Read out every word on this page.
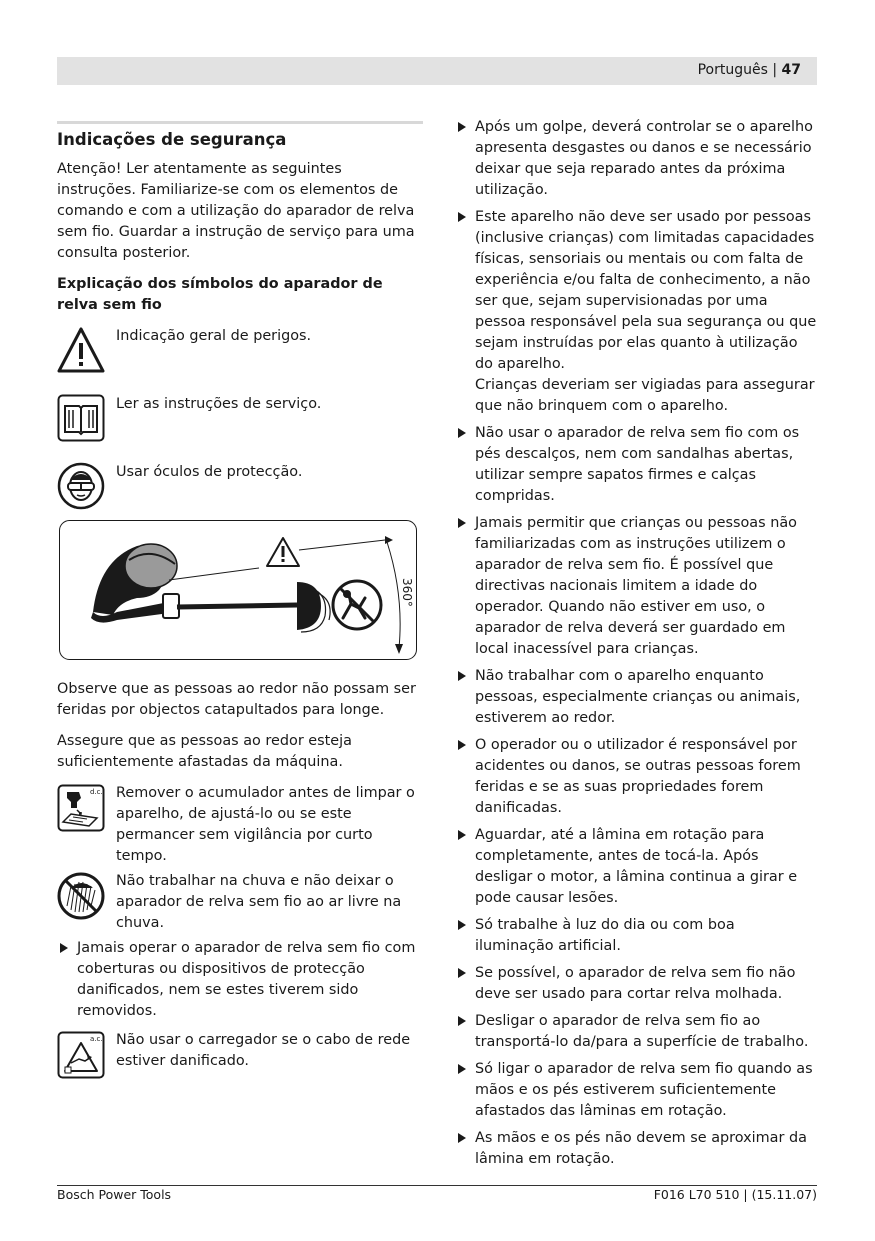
Português | 47
Indicações de segurança

Atenção! Ler atentamente as seguintes instruções. Familiarize-se com os elementos de comando e com a utilização do aparador de relva sem fio. Guardar a instrução de serviço para uma consulta posterior.

Explicação dos símbolos do aparador de relva sem fio

Indicação geral de perigos.
Ler as instruções de serviço.
Usar óculos de protecção.
360°

Observe que as pessoas ao redor não possam ser feridas por objectos catapultados para longe.

Assegure que as pessoas ao redor esteja suficientemente afastadas da máquina.

d.c. Remover o acumulador antes de limpar o aparelho, de ajustá-lo ou se este permancer sem vigilância por curto tempo.
Não trabalhar na chuva e não deixar o aparador de relva sem fio ao ar livre na chuva.
Jamais operar o aparador de relva sem fio com coberturas ou dispositivos de protecção danificados, nem se estes tiverem sido removidos.
a.c. Não usar o carregador se o cabo de rede estiver danificado.
Após um golpe, deverá controlar se o aparelho apresenta desgastes ou danos e se necessário deixar que seja reparado antes da próxima utilização.
Este aparelho não deve ser usado por pessoas (inclusive crianças) com limitadas capacidades físicas, sensoriais ou mentais ou com falta de experiência e/ou falta de conhecimento, a não ser que, sejam supervisionadas por uma pessoa responsável pela sua segurança ou que sejam instruídas por elas quanto à utilização do aparelho.
Crianças deveriam ser vigiadas para assegurar que não brinquem com o aparelho.
Não usar o aparador de relva sem fio com os pés descalços, nem com sandalhas abertas, utilizar sempre sapatos firmes e calças compridas.
Jamais permitir que crianças ou pessoas não familiarizadas com as instruções utilizem o aparador de relva sem fio. É possível que directivas nacionais limitem a idade do operador. Quando não estiver em uso, o aparador de relva deverá ser guardado em local inacessível para crianças.
Não trabalhar com o aparelho enquanto pessoas, especialmente crianças ou animais, estiverem ao redor.
O operador ou o utilizador é responsável por acidentes ou danos, se outras pessoas forem feridas e se as suas propriedades forem danificadas.
Aguardar, até a lâmina em rotação para completamente, antes de tocá-la. Após desligar o motor, a lâmina continua a girar e pode causar lesões.
Só trabalhe à luz do dia ou com boa iluminação artificial.
Se possível, o aparador de relva sem fio não deve ser usado para cortar relva molhada.
Desligar o aparador de relva sem fio ao transportá-lo da/para a superfície de trabalho.
Só ligar o aparador de relva sem fio quando as mãos e os pés estiverem suficientemente afastados das lâminas em rotação.
As mãos e os pés não devem se aproximar da lâmina em rotação.
Bosch Power Tools	F016 L70 510 | (15.11.07)
